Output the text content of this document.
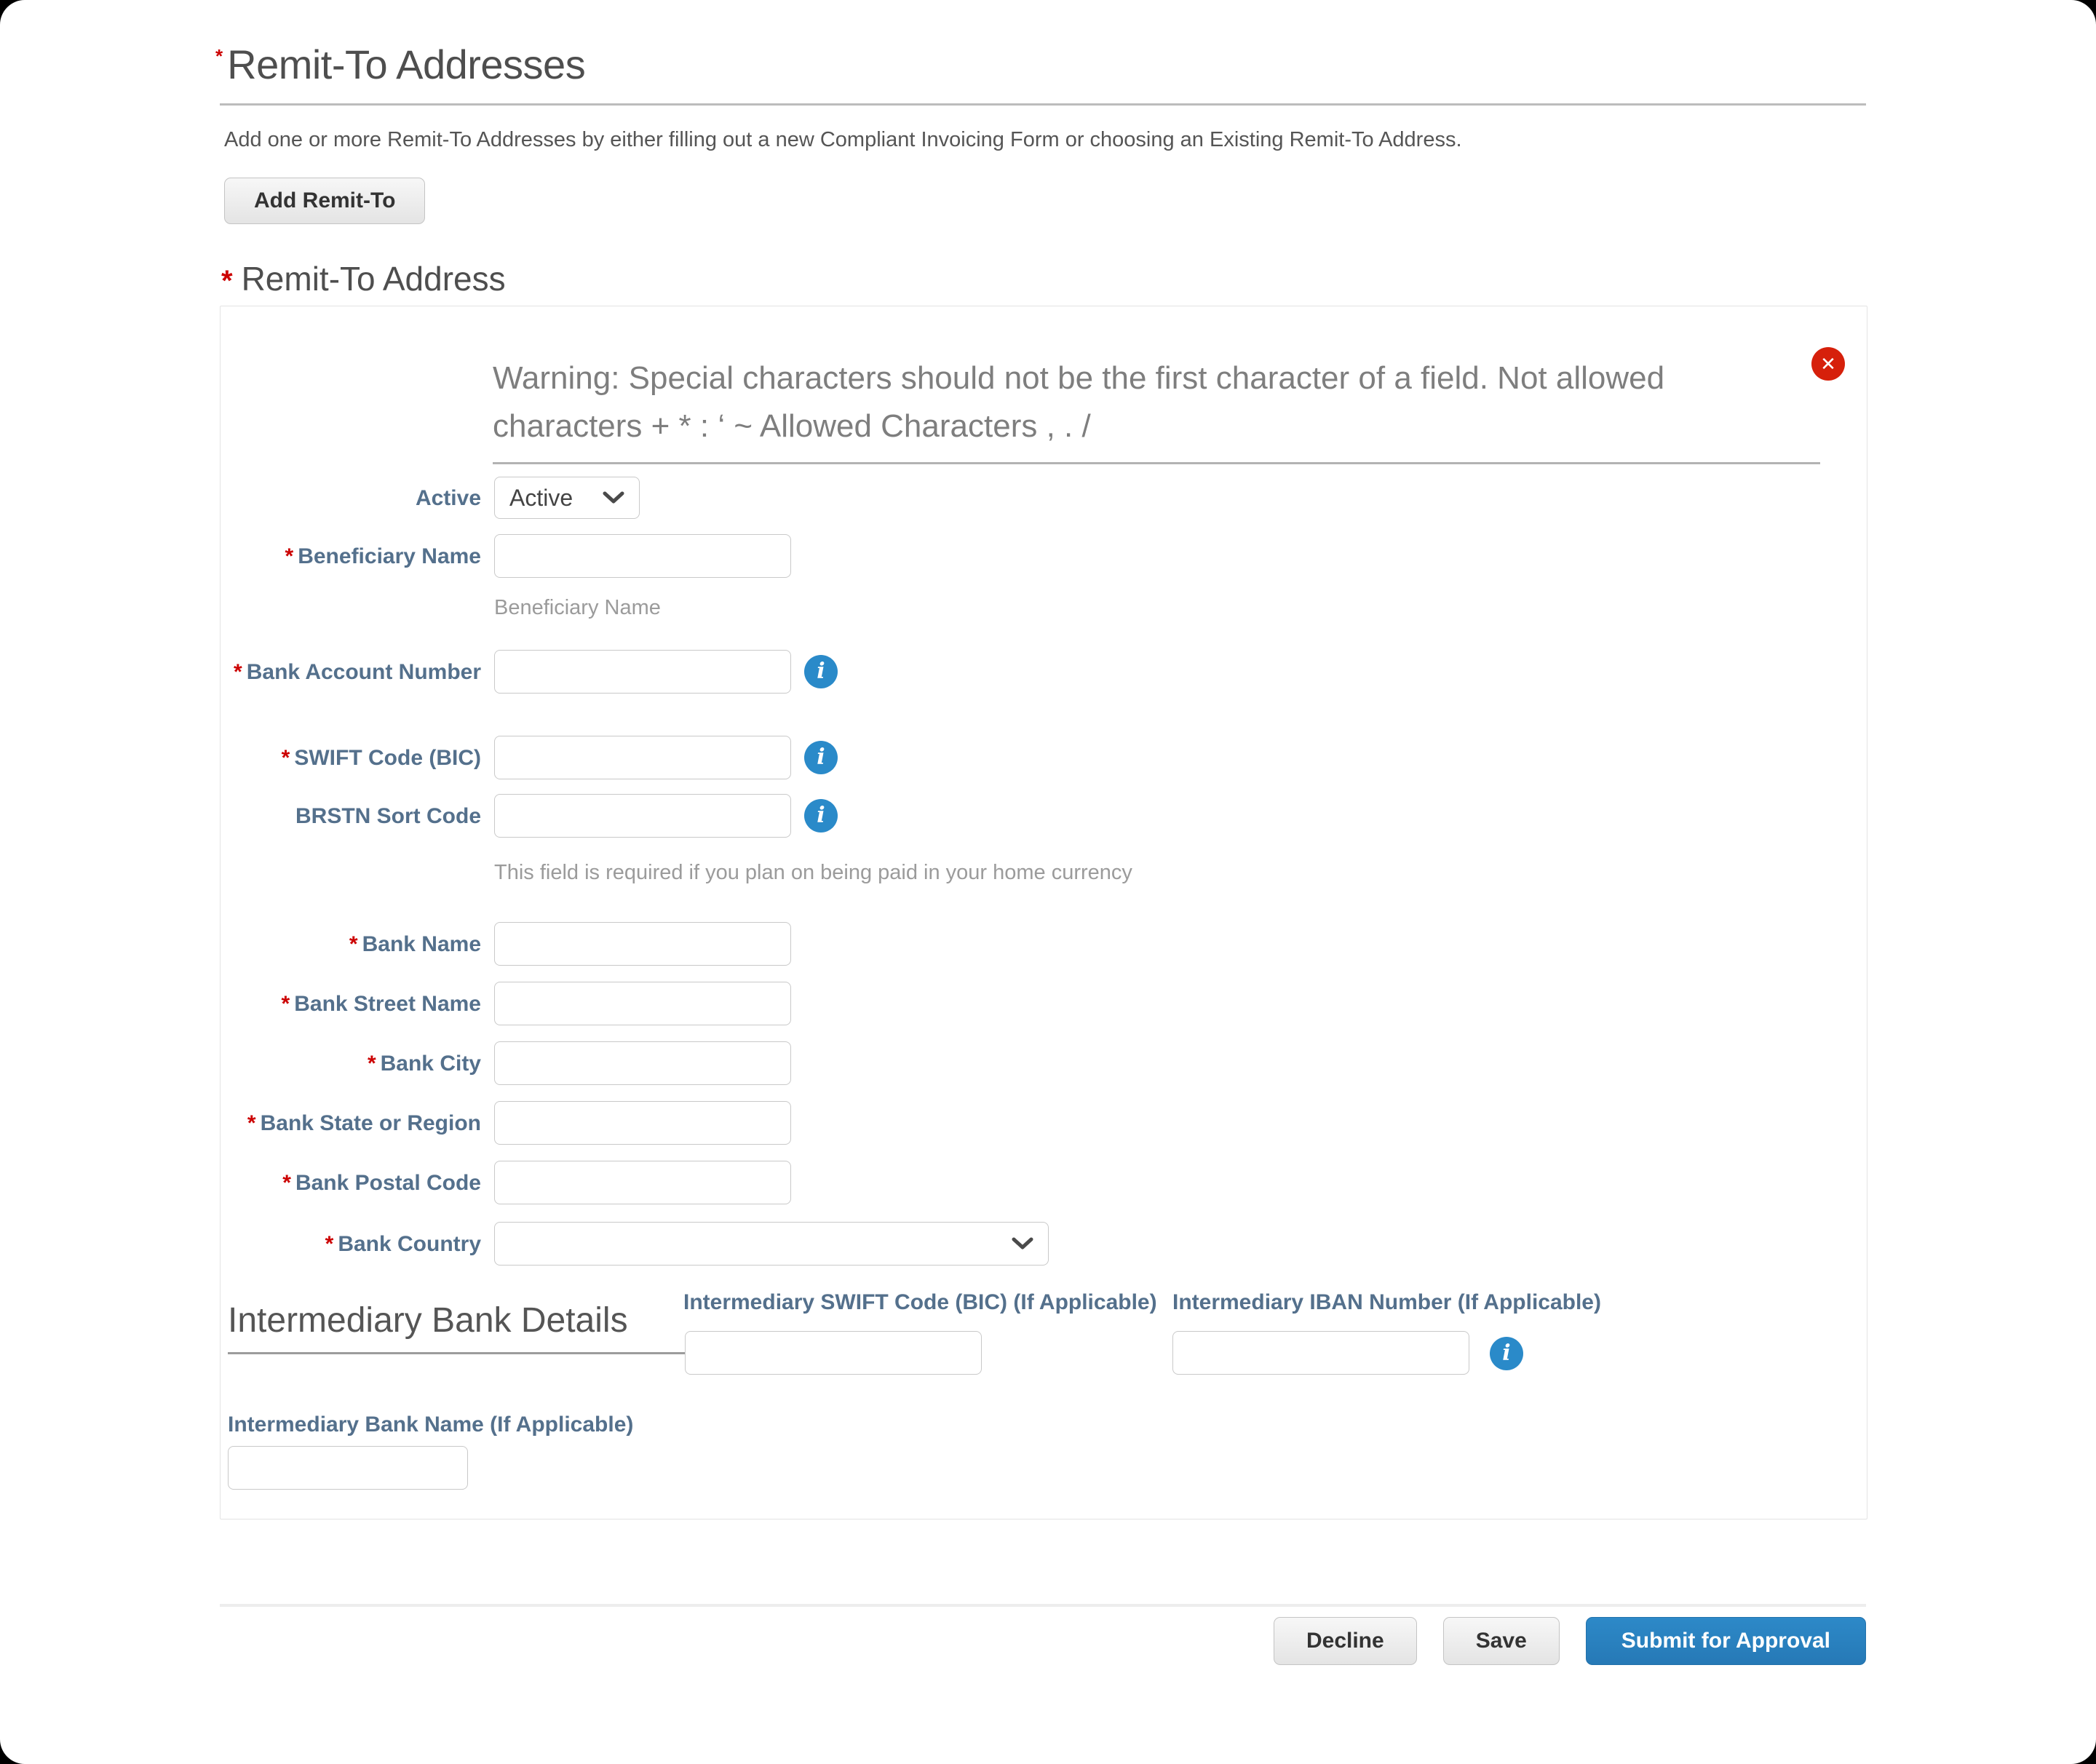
* Remit-To Addresses
Add one or more Remit-To Addresses by either filling out a new Compliant Invoicing Form or choosing an Existing Remit-To Address.
Add Remit-To
* Remit-To Address
Warning: Special characters should not be the first character of a field. Not allowed characters + * : ‘ ~ Allowed Characters , . /
✕
Active Active
* Beneficiary Name
Beneficiary Name
* Bank Account Number	i
* SWIFT Code (BIC)	i
BRSTN Sort Code	i
This field is required if you plan on being paid in your home currency
* Bank Name
* Bank Street Name
* Bank City
* Bank State or Region
* Bank Postal Code
* Bank Country
Intermediary Bank Details	Intermediary SWIFT Code (BIC) (If Applicable) Intermediary IBAN Number (If Applicable)
i
Intermediary Bank Name (If Applicable)
Decline	Save	Submit for Approval
